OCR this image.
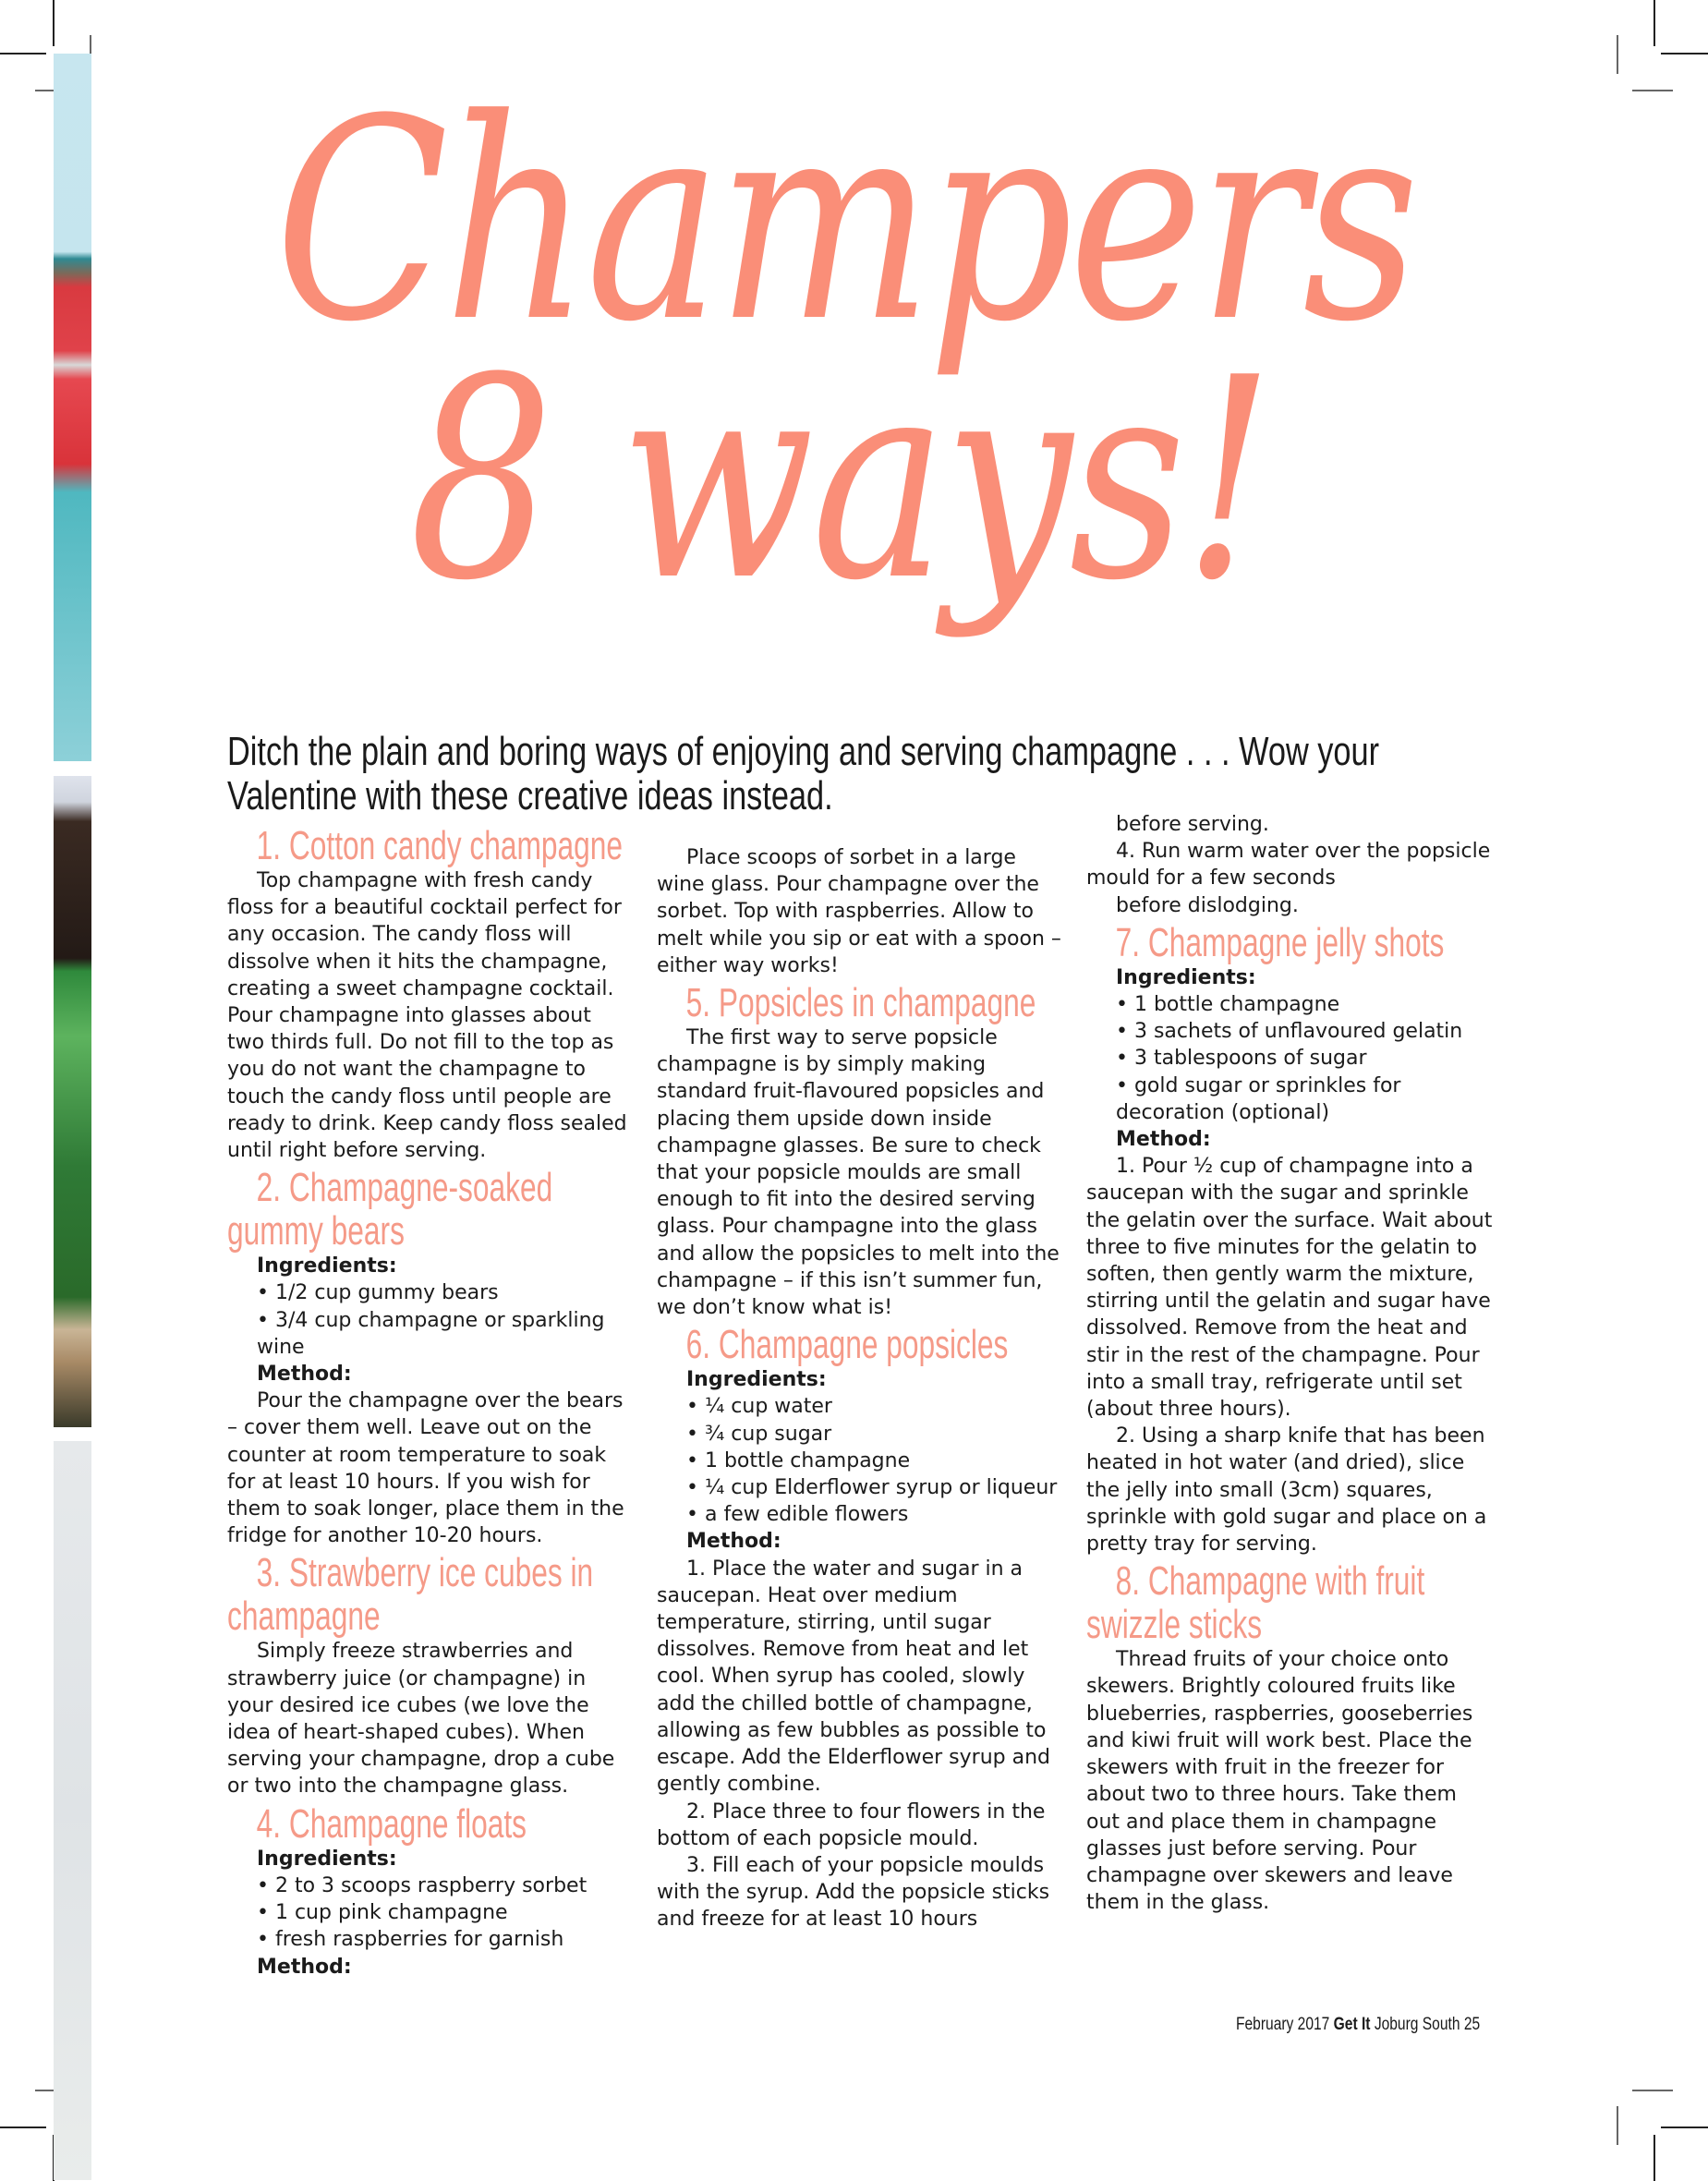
Champers
8 ways!
Ditch the plain and boring ways of enjoying and serving champagne . . . Wow your Valentine with these creative ideas instead.
1. Cotton candy champagne

Top champagne with fresh candy floss for a beautiful cocktail perfect for any occasion. The candy floss will dissolve when it hits the champagne, creating a sweet champagne cocktail. Pour champagne into glasses about two thirds full. Do not fill to the top as you do not want the champagne to touch the candy floss until people are ready to drink. Keep candy floss sealed until right before serving.

2. Champagne-soaked gummy bears

Ingredients:

• 1/2 cup gummy bears

• 3/4 cup champagne or sparkling wine

Method:

Pour the champagne over the bears – cover them well. Leave out on the counter at room temperature to soak for at least 10 hours. If you wish for them to soak longer, place them in the fridge for another 10-20 hours.

3. Strawberry ice cubes in champagne

Simply freeze strawberries and strawberry juice (or champagne) in your desired ice cubes (we love the idea of heart-shaped cubes). When serving your champagne, drop a cube or two into the champagne glass.

4. Champagne floats

Ingredients:

• 2 to 3 scoops raspberry sorbet

• 1 cup pink champagne

• fresh raspberries for garnish

Method:

Place scoops of sorbet in a large wine glass. Pour champagne over the sorbet. Top with raspberries. Allow to melt while you sip or eat with a spoon – either way works!

5. Popsicles in champagne

The first way to serve popsicle champagne is by simply making standard fruit-flavoured popsicles and placing them upside down inside champagne glasses. Be sure to check that your popsicle moulds are small enough to fit into the desired serving glass. Pour champagne into the glass and allow the popsicles to melt into the champagne – if this isn’t summer fun, we don’t know what is!

6. Champagne popsicles

Ingredients:

• ¼ cup water

• ¾ cup sugar

• 1 bottle champagne

• ¼ cup Elderflower syrup or liqueur

• a few edible flowers

Method:

1. Place the water and sugar in a saucepan. Heat over medium temperature, stirring, until sugar dissolves. Remove from heat and let cool. When syrup has cooled, slowly add the chilled bottle of champagne, allowing as few bubbles as possible to escape. Add the Elderflower syrup and gently combine.

2. Place three to four flowers in the bottom of each popsicle mould.

3. Fill each of your popsicle moulds with the syrup. Add the popsicle sticks and freeze for at least 10 hours

before serving.

4. Run warm water over the popsicle mould for a few seconds

before dislodging.

7. Champagne jelly shots

Ingredients:

• 1 bottle champagne

• 3 sachets of unflavoured gelatin

• 3 tablespoons of sugar

• gold sugar or sprinkles for decoration (optional)

Method:

1. Pour ½ cup of champagne into a saucepan with the sugar and sprinkle the gelatin over the surface. Wait about three to five minutes for the gelatin to soften, then gently warm the mixture, stirring until the gelatin and sugar have dissolved. Remove from the heat and stir in the rest of the champagne. Pour into a small tray, refrigerate until set (about three hours).

2. Using a sharp knife that has been heated in hot water (and dried), slice the jelly into small (3cm) squares, sprinkle with gold sugar and place on a pretty tray for serving.

8. Champagne with fruit swizzle sticks

Thread fruits of your choice onto skewers. Brightly coloured fruits like blueberries, raspberries, gooseberries and kiwi fruit will work best. Place the skewers with fruit in the freezer for about two to three hours. Take them out and place them in champagne glasses just before serving. Pour champagne over skewers and leave them in the glass.

February 2017 Get It Joburg South 25
